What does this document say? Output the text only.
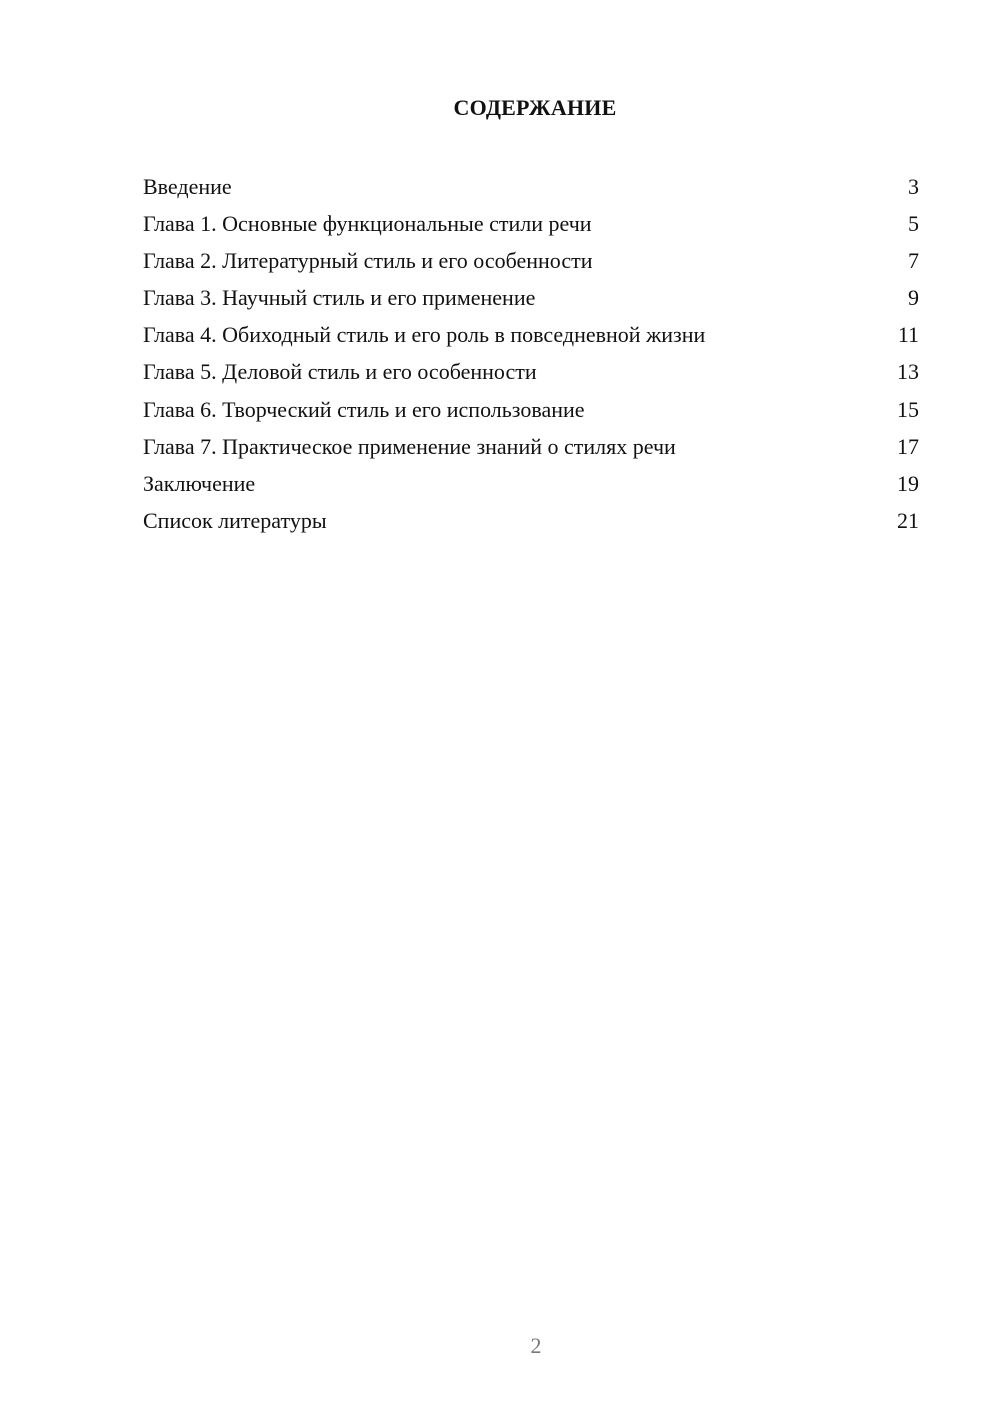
СОДЕРЖАНИЕ
Введение	3
Глава 1. Основные функциональные стили речи	5
Глава 2. Литературный стиль и его особенности	7
Глава 3. Научный стиль и его применение	9
Глава 4. Обиходный стиль и его роль в повседневной жизни	11
Глава 5. Деловой стиль и его особенности	13
Глава 6. Творческий стиль и его использование	15
Глава 7. Практическое применение знаний о стилях речи	17
Заключение	19
Список литературы	21
2
